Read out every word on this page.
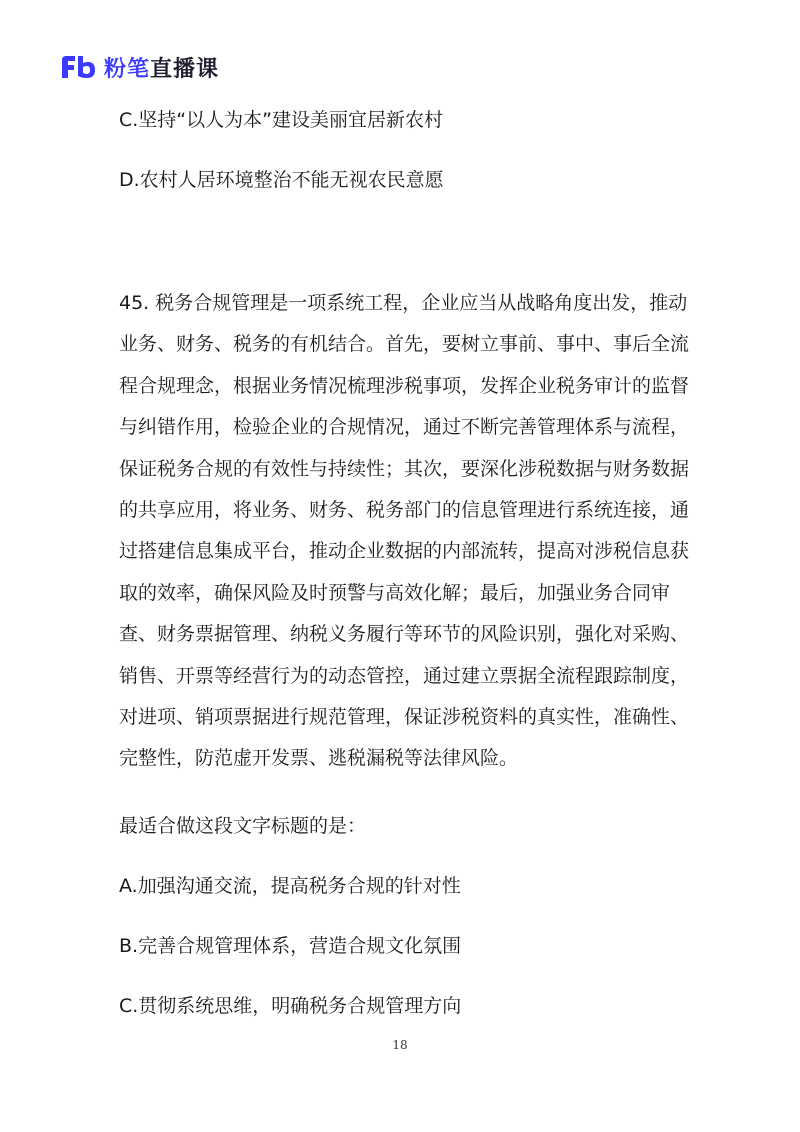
粉笔 直播课
C.坚持“以人为本”建设美丽宜居新农村
D.农村人居环境整治不能无视农民意愿
45. 税务合规管理是一项系统工程，企业应当从战略角度出发，推动
业务、财务、税务的有机结合。首先，要树立事前、事中、事后全流
程合规理念，根据业务情况梳理涉税事项，发挥企业税务审计的监督
与纠错作用，检验企业的合规情况，通过不断完善管理体系与流程，
保证税务合规的有效性与持续性；其次，要深化涉税数据与财务数据
的共享应用，将业务、财务、税务部门的信息管理进行系统连接，通
过搭建信息集成平台，推动企业数据的内部流转，提高对涉税信息获
取的效率，确保风险及时预警与高效化解；最后，加强业务合同审
查、财务票据管理、纳税义务履行等环节的风险识别，强化对采购、
销售、开票等经营行为的动态管控，通过建立票据全流程跟踪制度，
对进项、销项票据进行规范管理，保证涉税资料的真实性，准确性、
完整性，防范虚开发票、逃税漏税等法律风险。
最适合做这段文字标题的是：
A.加强沟通交流，提高税务合规的针对性
B.完善合规管理体系，营造合规文化氛围
C.贯彻系统思维，明确税务合规管理方向
18
